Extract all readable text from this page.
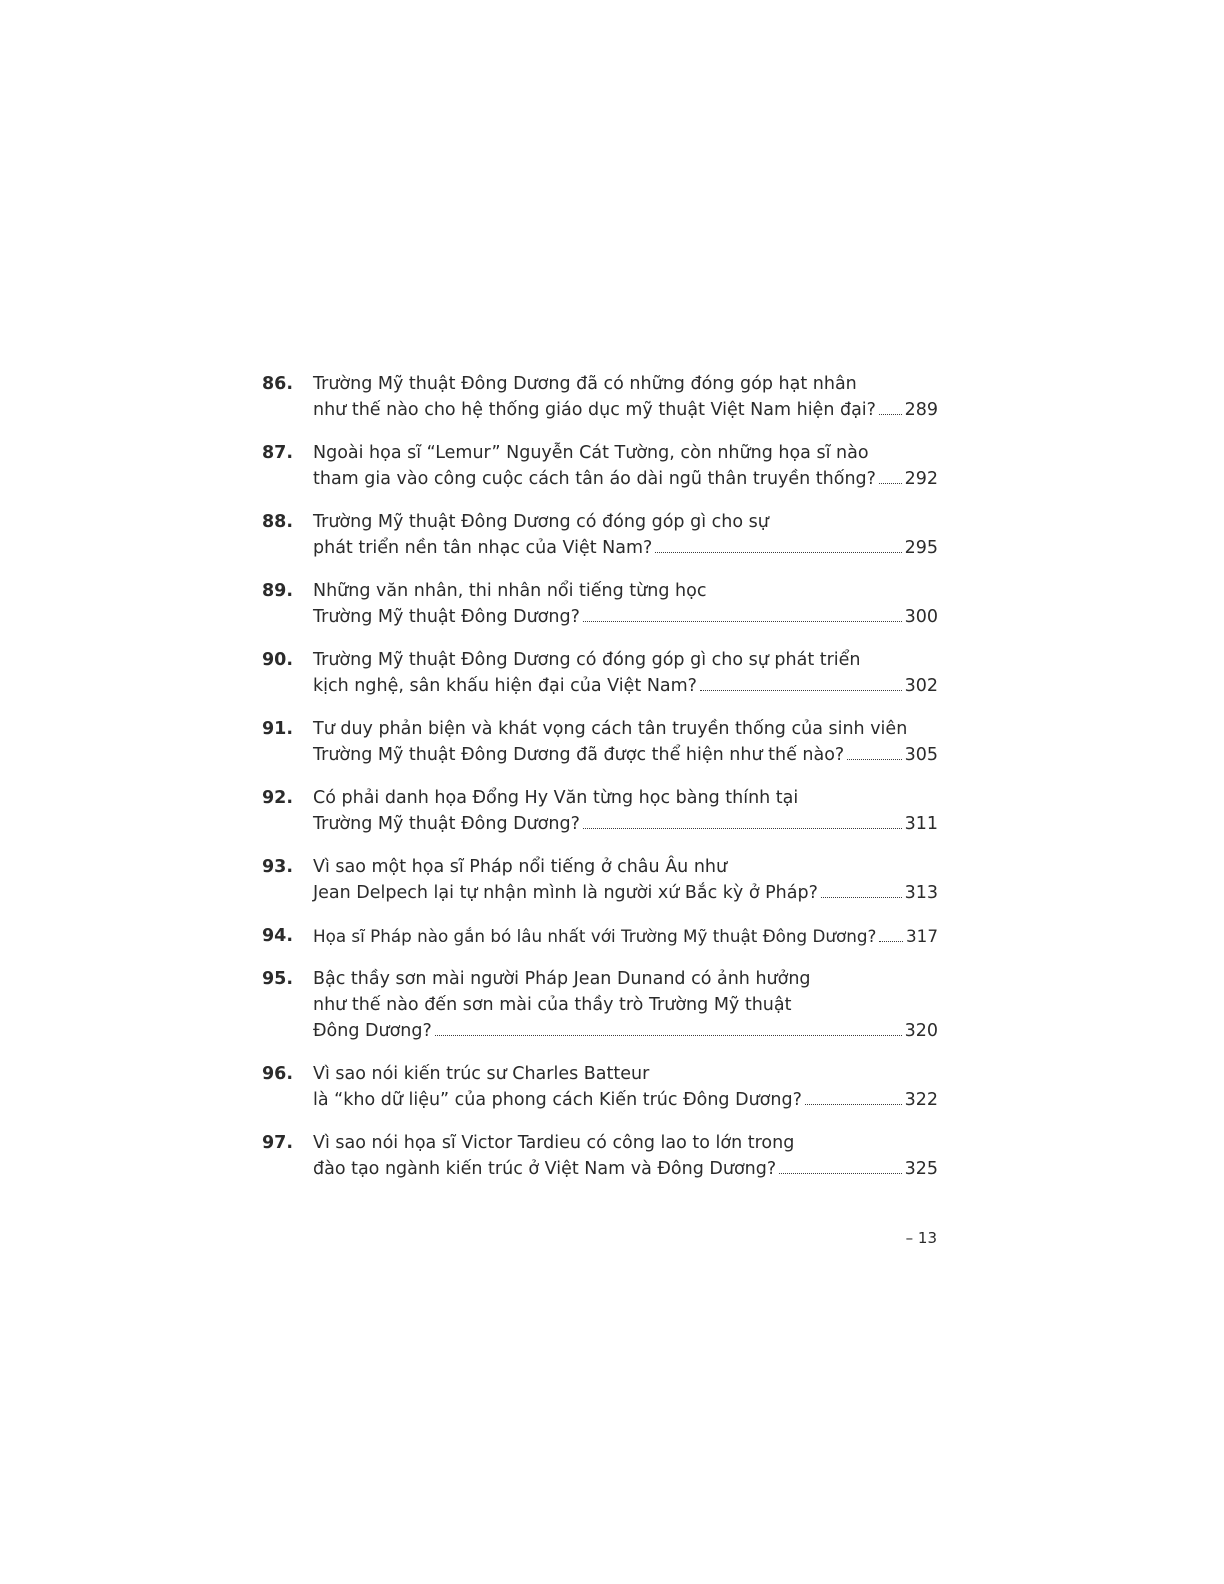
86.	Trường Mỹ thuật Đông Dương đã có những đóng góp hạt nhân
như thế nào cho hệ thống giáo dục mỹ thuật Việt Nam hiện đại? 289
87.	Ngoài họa sĩ “Lemur” Nguyễn Cát Tường, còn những họa sĩ nào
tham gia vào công cuộc cách tân áo dài ngũ thân truyền thống? 292
88.	Trường Mỹ thuật Đông Dương có đóng góp gì cho sự
phát triển nền tân nhạc của Việt Nam?	295
89.	Những văn nhân, thi nhân nổi tiếng từng học
Trường Mỹ thuật Đông Dương?	300
90.	Trường Mỹ thuật Đông Dương có đóng góp gì cho sự phát triển
kịch nghệ, sân khấu hiện đại của Việt Nam?	302
91.	Tư duy phản biện và khát vọng cách tân truyền thống của sinh viên
Trường Mỹ thuật Đông Dương đã được thể hiện như thế nào?	305
92.	Có phải danh họa Đổng Hy Văn từng học bàng thính tại
Trường Mỹ thuật Đông Dương?	311
93.	Vì sao một họa sĩ Pháp nổi tiếng ở châu Âu như
Jean Delpech lại tự nhận mình là người xứ Bắc kỳ ở Pháp?	313
94.	Họa sĩ Pháp nào gắn bó lâu nhất với Trường Mỹ thuật Đông Dương? 317
95.	Bậc thầy sơn mài người Pháp Jean Dunand có ảnh hưởng
như thế nào đến sơn mài của thầy trò Trường Mỹ thuật
Đông Dương?	320
96.	Vì sao nói kiến trúc sư Charles Batteur
là “kho dữ liệu” của phong cách Kiến trúc Đông Dương?	322
97.	Vì sao nói họa sĩ Victor Tardieu có công lao to lớn trong
đào tạo ngành kiến trúc ở Việt Nam và Đông Dương?	325
– 13
